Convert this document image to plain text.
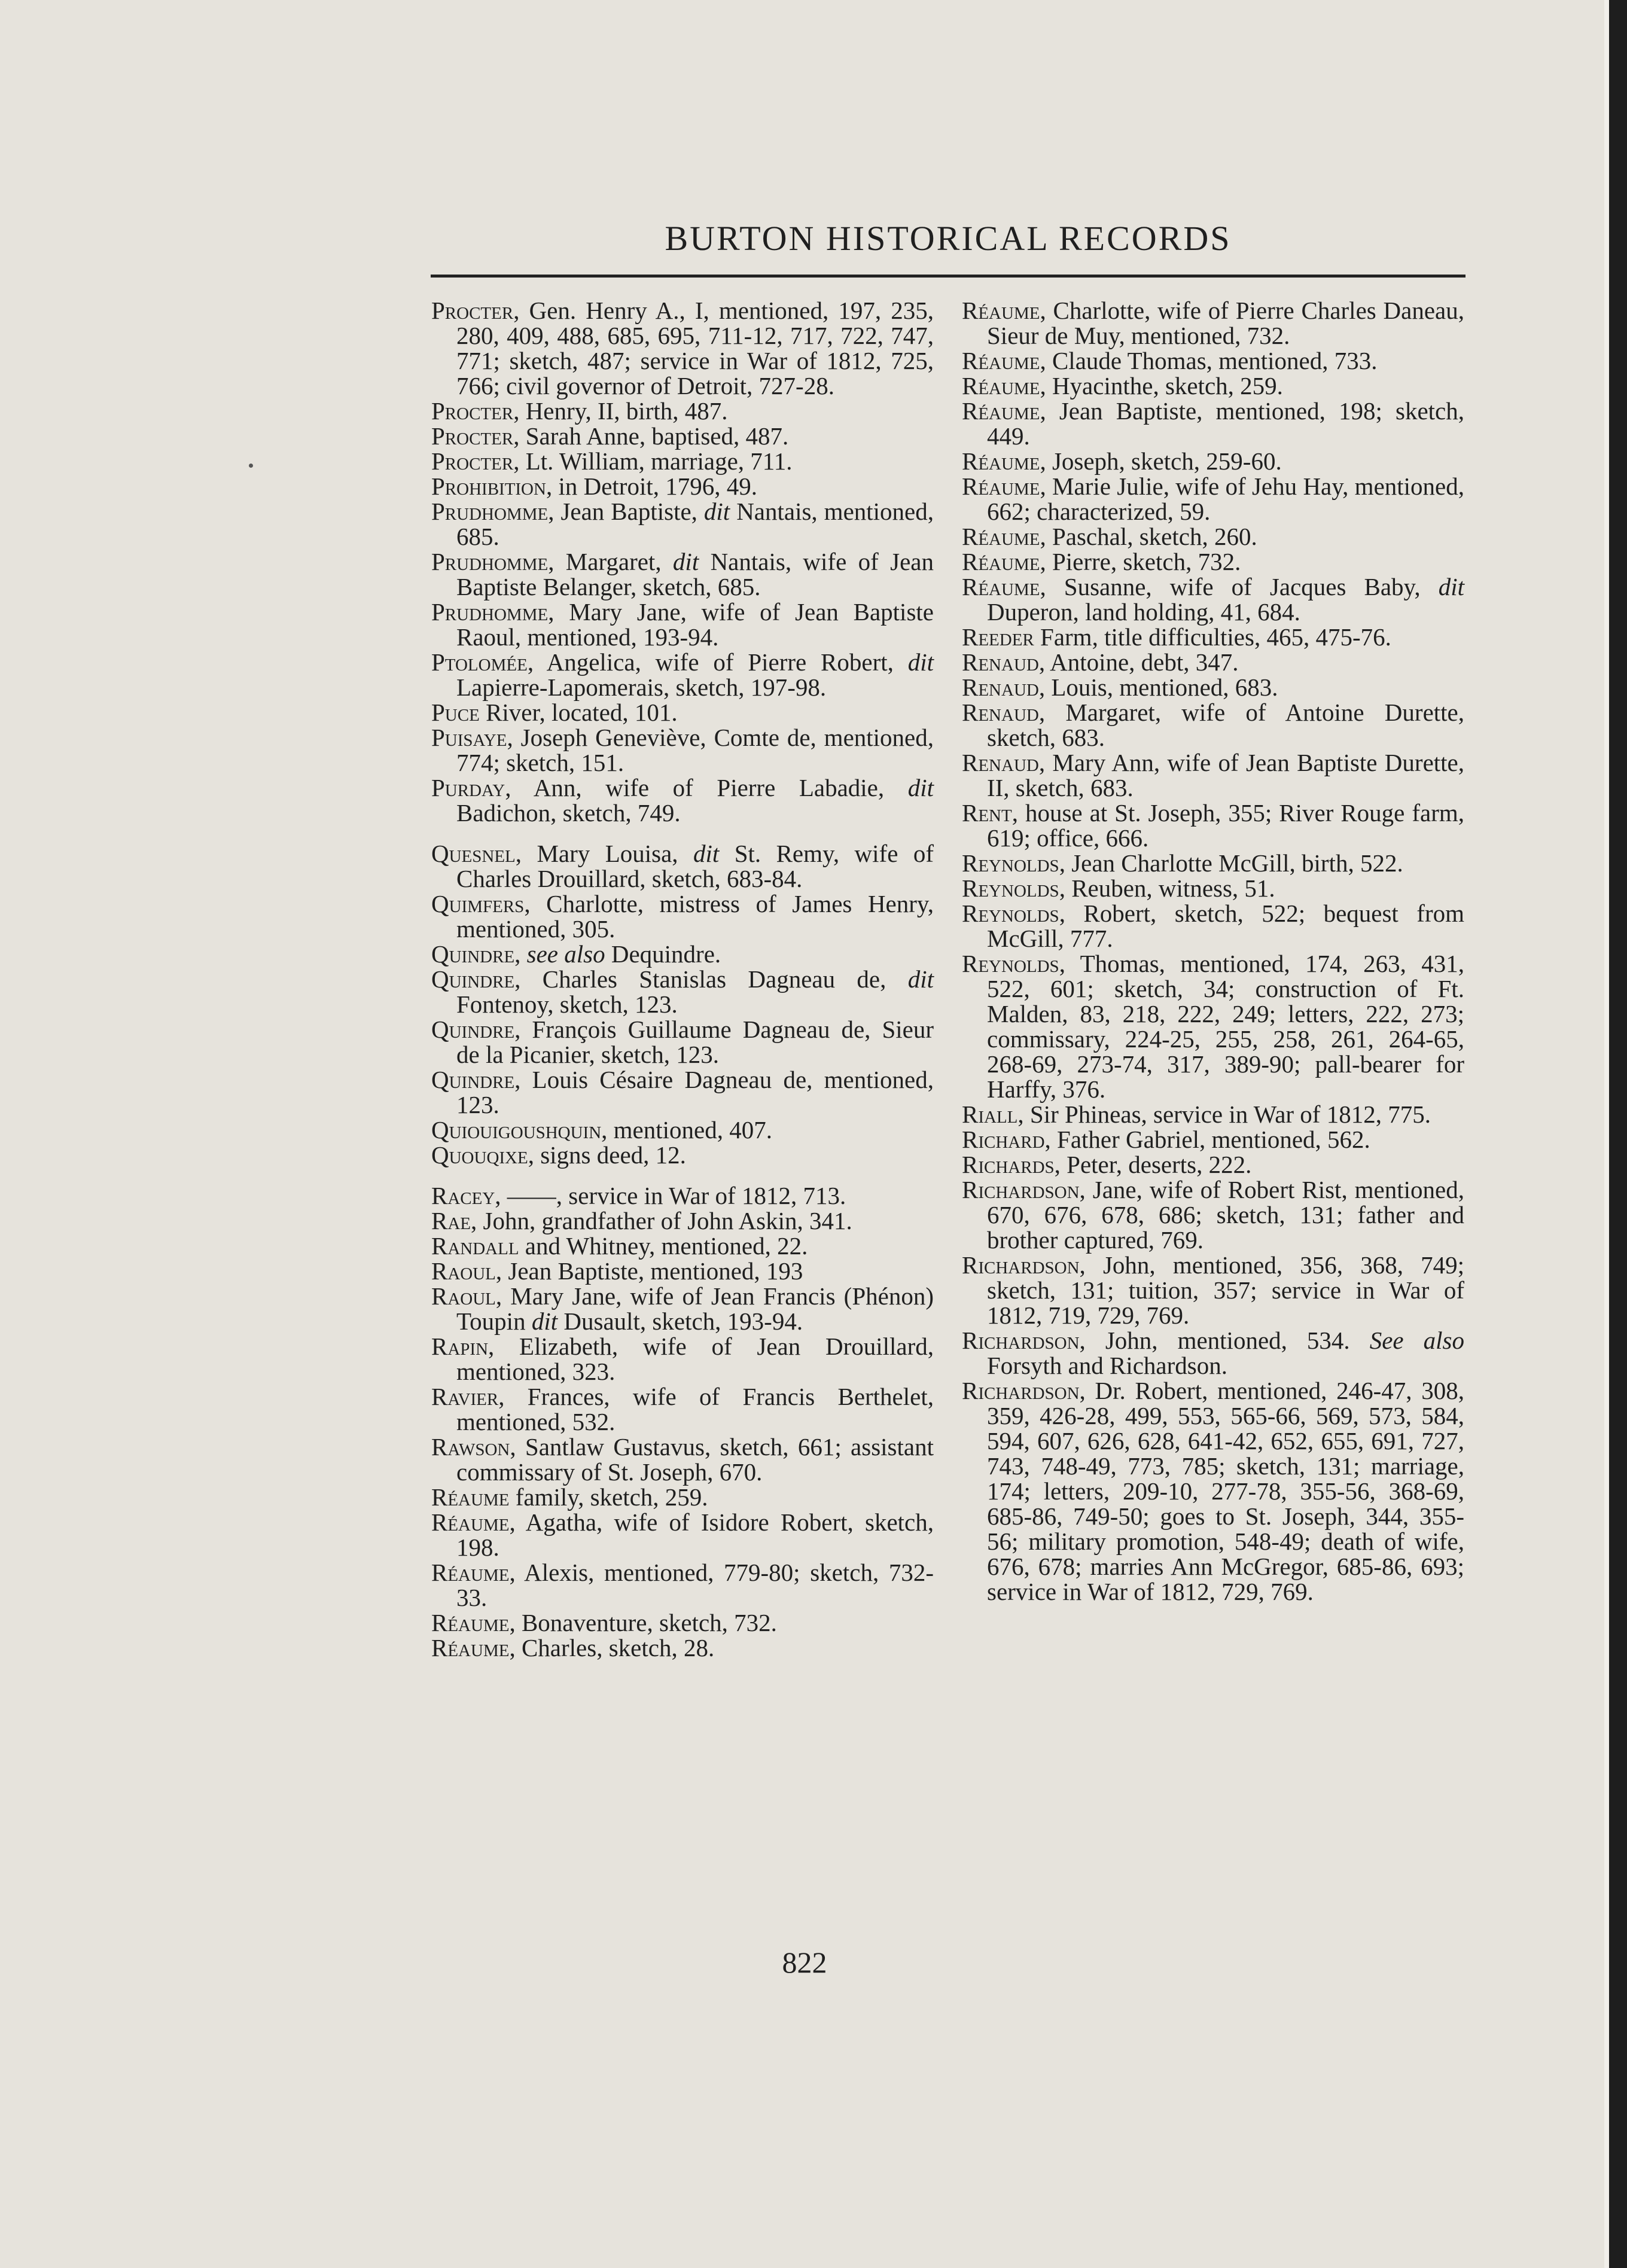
BURTON HISTORICAL RECORDS

Procter, Gen. Henry A., I, mentioned, 197, 235, 280, 409, 488, 685, 695, 711-12, 717, 722, 747, 771; sketch, 487; service in War of 1812, 725, 766; civil governor of Detroit, 727-28.

Procter, Henry, II, birth, 487.

Procter, Sarah Anne, baptised, 487.

Procter, Lt. William, marriage, 711.

Prohibition, in Detroit, 1796, 49.

Prudhomme, Jean Baptiste, dit Nantais, mentioned, 685.

Prudhomme, Margaret, dit Nantais, wife of Jean Baptiste Belanger, sketch, 685.

Prudhomme, Mary Jane, wife of Jean Baptiste Raoul, mentioned, 193-94.

Ptolomée, Angelica, wife of Pierre Robert, dit Lapierre-Lapomerais, sketch, 197-98.

Puce River, located, 101.

Puisaye, Joseph Geneviève, Comte de, mentioned, 774; sketch, 151.

Purday, Ann, wife of Pierre Labadie, dit Badichon, sketch, 749.

Quesnel, Mary Louisa, dit St. Remy, wife of Charles Drouillard, sketch, 683-84.

Quimfers, Charlotte, mistress of James Henry, mentioned, 305.

Quindre, see also Dequindre.

Quindre, Charles Stanislas Dagneau de, dit Fontenoy, sketch, 123.

Quindre, François Guillaume Dagneau de, Sieur de la Picanier, sketch, 123.

Quindre, Louis Césaire Dagneau de, mentioned, 123.

Quiouigoushquin, mentioned, 407.

Quouqixe, signs deed, 12.

Racey, ——, service in War of 1812, 713.

Rae, John, grandfather of John Askin, 341.

Randall and Whitney, mentioned, 22.

Raoul, Jean Baptiste, mentioned, 193

Raoul, Mary Jane, wife of Jean Francis (Phénon) Toupin dit Dusault, sketch, 193-94.

Rapin, Elizabeth, wife of Jean Drouillard, mentioned, 323.

Ravier, Frances, wife of Francis Berthelet, mentioned, 532.

Rawson, Santlaw Gustavus, sketch, 661; assistant commissary of St. Joseph, 670.

Réaume family, sketch, 259.

Réaume, Agatha, wife of Isidore Robert, sketch, 198.

Réaume, Alexis, mentioned, 779-80; sketch, 732-33.

Réaume, Bonaventure, sketch, 732.

Réaume, Charles, sketch, 28.

Réaume, Charlotte, wife of Pierre Charles Daneau, Sieur de Muy, mentioned, 732.

Réaume, Claude Thomas, mentioned, 733.

Réaume, Hyacinthe, sketch, 259.

Réaume, Jean Baptiste, mentioned, 198; sketch, 449.

Réaume, Joseph, sketch, 259-60.

Réaume, Marie Julie, wife of Jehu Hay, mentioned, 662; characterized, 59.

Réaume, Paschal, sketch, 260.

Réaume, Pierre, sketch, 732.

Réaume, Susanne, wife of Jacques Baby, dit Duperon, land holding, 41, 684.

Reeder Farm, title difficulties, 465, 475-76.

Renaud, Antoine, debt, 347.

Renaud, Louis, mentioned, 683.

Renaud, Margaret, wife of Antoine Durette, sketch, 683.

Renaud, Mary Ann, wife of Jean Baptiste Durette, II, sketch, 683.

Rent, house at St. Joseph, 355; River Rouge farm, 619; office, 666.

Reynolds, Jean Charlotte McGill, birth, 522.

Reynolds, Reuben, witness, 51.

Reynolds, Robert, sketch, 522; bequest from McGill, 777.

Reynolds, Thomas, mentioned, 174, 263, 431, 522, 601; sketch, 34; construction of Ft. Malden, 83, 218, 222, 249; letters, 222, 273; commissary, 224-25, 255, 258, 261, 264-65, 268-69, 273-74, 317, 389-90; pall-bearer for Harffy, 376.

Riall, Sir Phineas, service in War of 1812, 775.

Richard, Father Gabriel, mentioned, 562.

Richards, Peter, deserts, 222.

Richardson, Jane, wife of Robert Rist, mentioned, 670, 676, 678, 686; sketch, 131; father and brother captured, 769.

Richardson, John, mentioned, 356, 368, 749; sketch, 131; tuition, 357; service in War of 1812, 719, 729, 769.

Richardson, John, mentioned, 534. See also Forsyth and Richardson.

Richardson, Dr. Robert, mentioned, 246-47, 308, 359, 426-28, 499, 553, 565-66, 569, 573, 584, 594, 607, 626, 628, 641-42, 652, 655, 691, 727, 743, 748-49, 773, 785; sketch, 131; marriage, 174; letters, 209-10, 277-78, 355-56, 368-69, 685-86, 749-50; goes to St. Joseph, 344, 355-56; military promotion, 548-49; death of wife, 676, 678; marries Ann McGregor, 685-86, 693; service in War of 1812, 729, 769.

822
